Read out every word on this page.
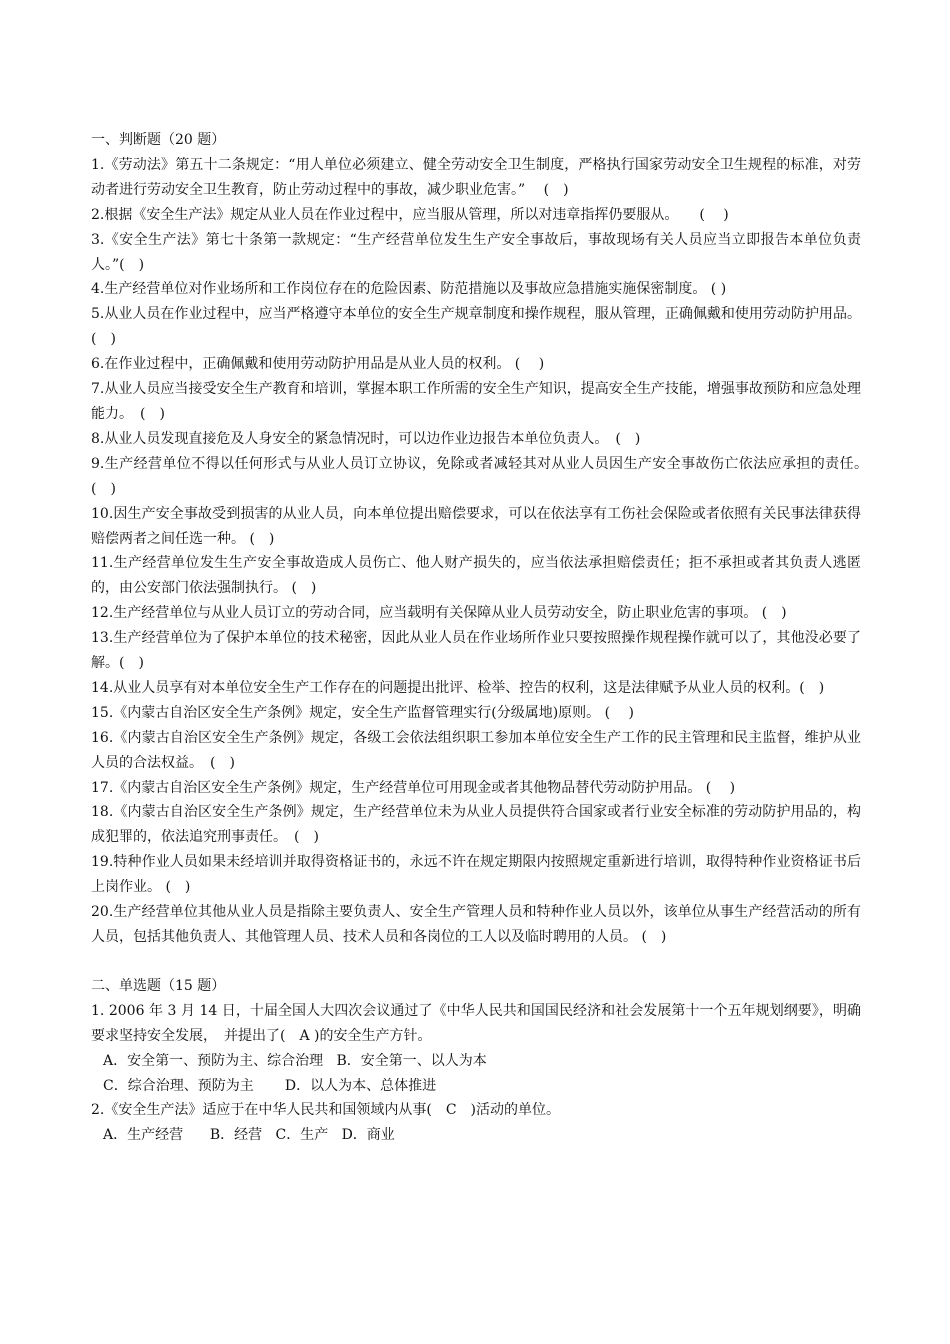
一、判断题（20 题）

1.《劳动法》第五十二条规定：“用人单位必须建立、健全劳动安全卫生制度，严格执行国家劳动安全卫生规程的标准，对劳动者进行劳动安全卫生教育，防止劳动过程中的事故，减少职业危害。”　 (　)

2.根据《安全生产法》规定从业人员在作业过程中，应当服从管理，所以对违章指挥仍要服从。　　(　 )

3.《安全生产法》第七十条第一款规定：“生产经营单位发生生产安全事故后，事故现场有关人员应当立即报告本单位负责人。”(　)

4.生产经营单位对作业场所和工作岗位存在的危险因素、防范措施以及事故应急措施实施保密制度。 ( )

5.从业人员在作业过程中，应当严格遵守本单位的安全生产规章制度和操作规程，服从管理，正确佩戴和使用劳动防护用品。 (　)

6.在作业过程中，正确佩戴和使用劳动防护用品是从业人员的权利。 (　 )

7.从业人员应当接受安全生产教育和培训，掌握本职工作所需的安全生产知识，提高安全生产技能，增强事故预防和应急处理能力。　(　)

8.从业人员发现直接危及人身安全的紧急情况时，可以边作业边报告本单位负责人。　(　)

9.生产经营单位不得以任何形式与从业人员订立协议，免除或者减轻其对从业人员因生产安全事故伤亡依法应承担的责任。　(　)

10.因生产安全事故受到损害的从业人员，向本单位提出赔偿要求，可以在依法享有工伤社会保险或者依照有关民事法律获得赔偿两者之间任选一种。 (　)

11.生产经营单位发生生产安全事故造成人员伤亡、他人财产损失的，应当依法承担赔偿责任；拒不承担或者其负责人逃匿的，由公安部门依法强制执行。 (　)

12.生产经营单位与从业人员订立的劳动合同，应当载明有关保障从业人员劳动安全，防止职业危害的事项。 (　)

13.生产经营单位为了保护本单位的技术秘密，因此从业人员在作业场所作业只要按照操作规程操作就可以了，其他没必要了解。(　)

14.从业人员享有对本单位安全生产工作存在的问题提出批评、检举、控告的权利，这是法律赋予从业人员的权利。(　)

15.《内蒙古自治区安全生产条例》规定，安全生产监督管理实行(分级属地)原则。 (　 )

16.《内蒙古自治区安全生产条例》规定，各级工会依法组织职工参加本单位安全生产工作的民主管理和民主监督，维护从业人员的合法权益。　(　)

17.《内蒙古自治区安全生产条例》规定，生产经营单位可用现金或者其他物品替代劳动防护用品。 (　 )

18.《内蒙古自治区安全生产条例》规定，生产经营单位未为从业人员提供符合国家或者行业安全标准的劳动防护用品的，构成犯罪的，依法追究刑事责任。　(　)

19.特种作业人员如果未经培训并取得资格证书的，永远不许在规定期限内按照规定重新进行培训，取得特种作业资格证书后上岗作业。 (　)

20.生产经营单位其他从业人员是指除主要负责人、安全生产管理人员和特种作业人员以外，该单位从事生产经营活动的所有人员，包括其他负责人、其他管理人员、技术人员和各岗位的工人以及临时聘用的人员。 (　)

二、单选题（15 题）

1. 2006 年 3 月 14 日，十届全国人大四次会议通过了《中华人民共和国国民经济和社会发展第十一个五年规划纲要》，明确要求坚持安全发展，　并提出了(　A )的安全生产方针。

A．安全第一、预防为主、综合治理 B．安全第一、以人为本

C．综合治理、预防为主 D．以人为本、总体推进

2.《安全生产法》适应于在中华人民共和国领域内从事(　C　)活动的单位。

A．生产经营 B．经营 C．生产 D．商业
